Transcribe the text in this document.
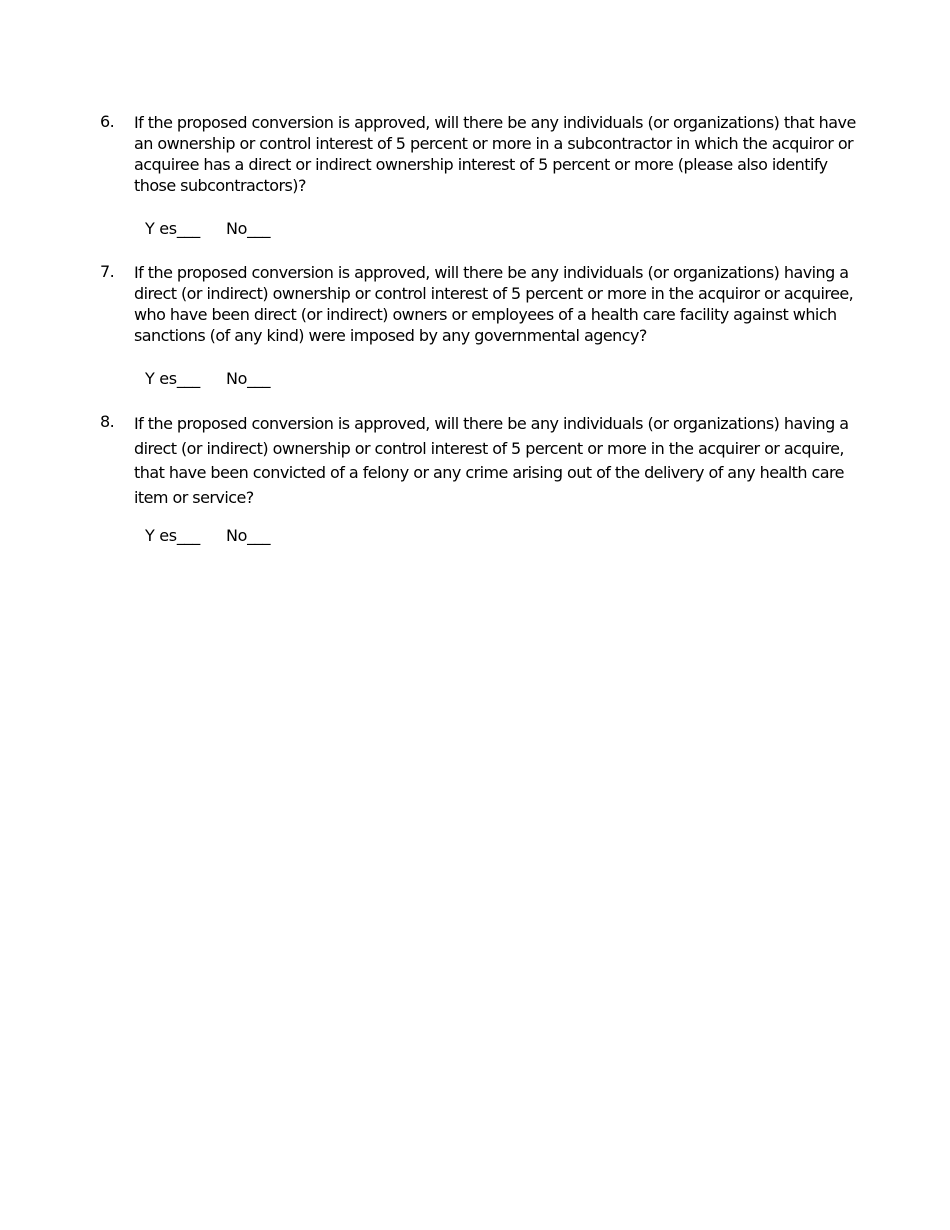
6. If the proposed conversion is approved, will there be any individuals (or organizations) that have an ownership or control interest of 5 percent or more in a subcontractor in which the acquiror or acquiree has a direct or indirect ownership interest of 5 percent or more (please also identify those subcontractors)?
Y es___ No___
7. If the proposed conversion is approved, will there be any individuals (or organizations) having a direct (or indirect) ownership or control interest of 5 percent or more in the acquiror or acquiree, who have been direct (or indirect) owners or employees of a health care facility against which sanctions (of any kind) were imposed by any governmental agency?
Y es___ No___
8. If the proposed conversion is approved, will there be any individuals (or organizations) having a direct (or indirect) ownership or control interest of 5 percent or more in the acquirer or acquire, that have been convicted of a felony or any crime arising out of the delivery of any health care item or service?
Y es___ No___
